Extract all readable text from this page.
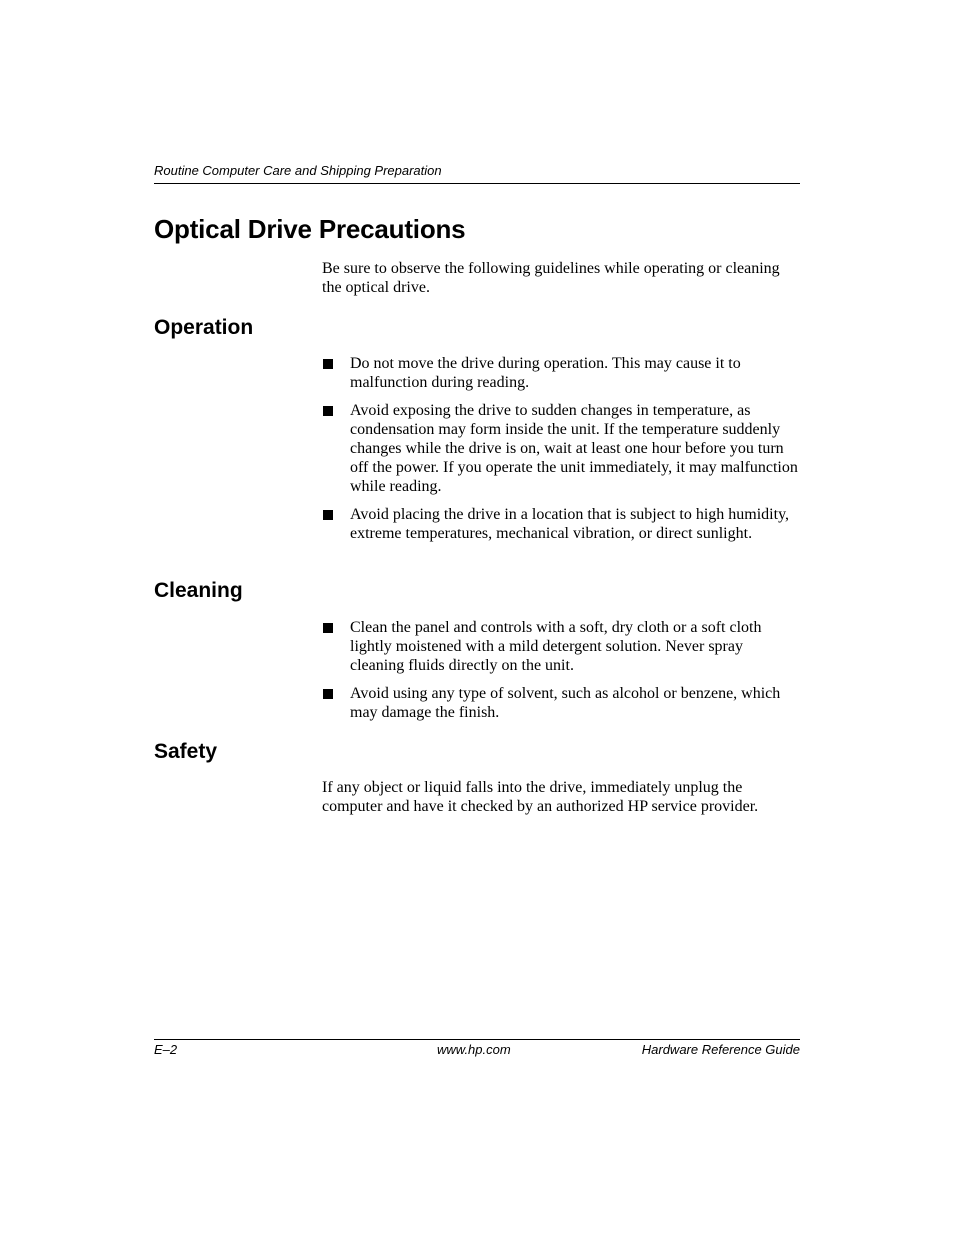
Routine Computer Care and Shipping Preparation
Optical Drive Precautions

Be sure to observe the following guidelines while operating or cleaning the optical drive.

Operation
Do not move the drive during operation. This may cause it to malfunction during reading.
Avoid exposing the drive to sudden changes in temperature, as condensation may form inside the unit. If the temperature suddenly changes while the drive is on, wait at least one hour before you turn off the power. If you operate the unit immediately, it may malfunction while reading.
Avoid placing the drive in a location that is subject to high humidity, extreme temperatures, mechanical vibration, or direct sunlight.
Cleaning
Clean the panel and controls with a soft, dry cloth or a soft cloth lightly moistened with a mild detergent solution. Never spray cleaning fluids directly on the unit.
Avoid using any type of solvent, such as alcohol or benzene, which may damage the finish.
Safety

If any object or liquid falls into the drive, immediately unplug the computer and have it checked by an authorized HP service provider.

E–2	www.hp.com	Hardware Reference Guide
